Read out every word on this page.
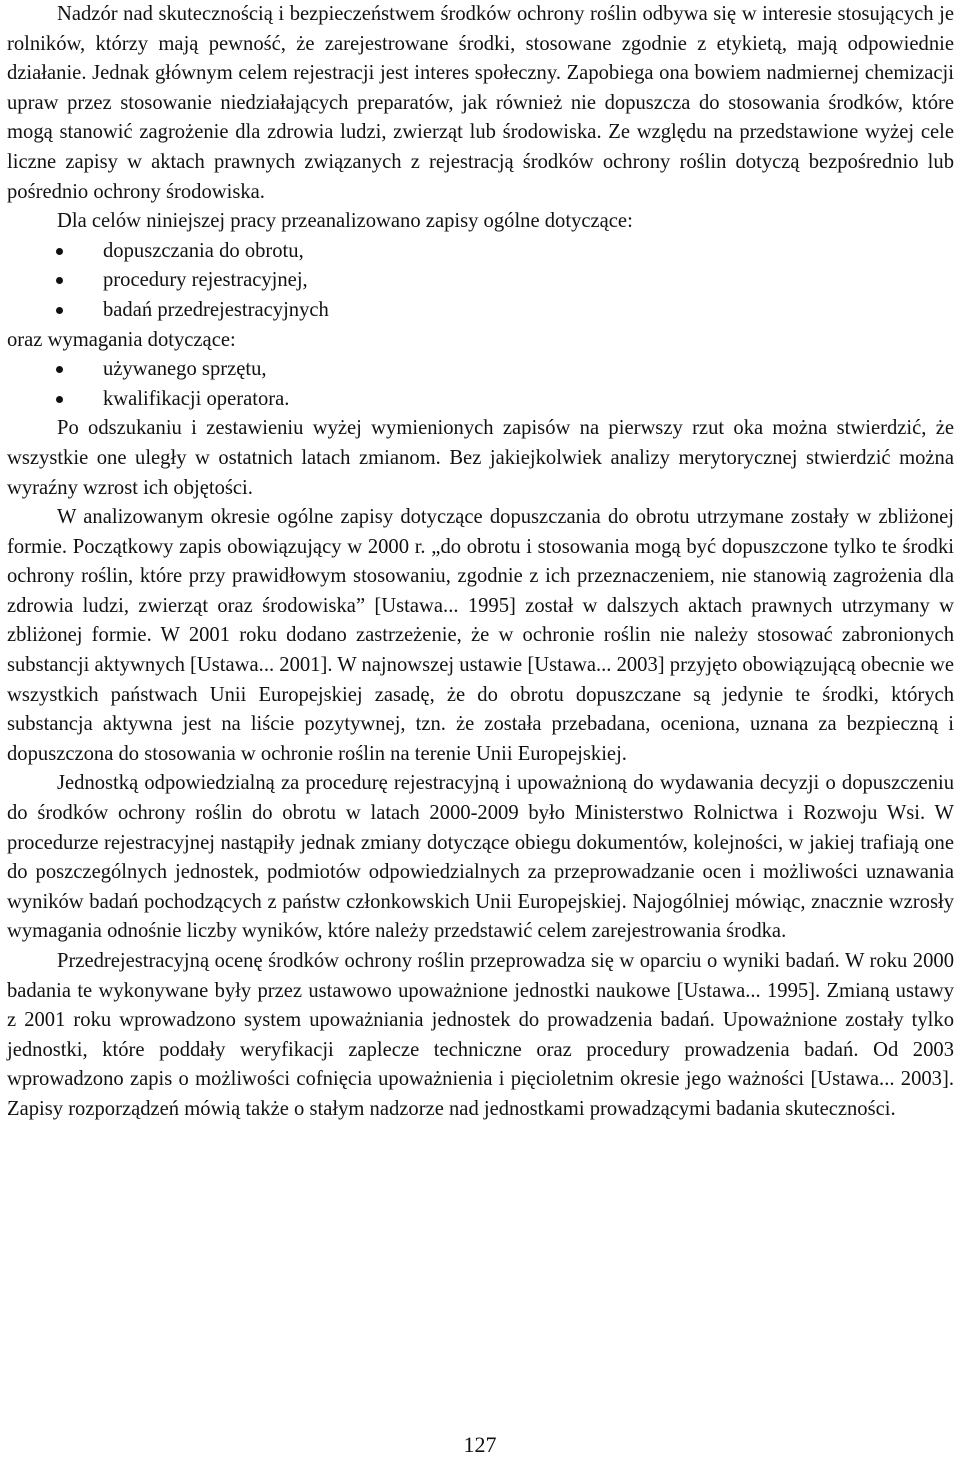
Nadzór nad skutecznością i bezpieczeństwem środków ochrony roślin odbywa się w interesie stosujących je rolników, którzy mają pewność, że zarejestrowane środki, stosowane zgodnie z etykietą, mają odpowiednie działanie. Jednak głównym celem rejestracji jest interes społeczny. Zapobiega ona bowiem nadmiernej chemizacji upraw przez stosowanie niedziałających preparatów, jak również nie dopuszcza do stosowania środków, które mogą stanowić zagrożenie dla zdrowia ludzi, zwierząt lub środowiska. Ze względu na przedstawione wyżej cele liczne zapisy w aktach prawnych związanych z rejestracją środków ochrony roślin dotyczą bezpośrednio lub pośrednio ochrony środowiska.

Dla celów niniejszej pracy przeanalizowano zapisy ogólne dotyczące:

dopuszczania do obrotu,
procedury rejestracyjnej,
badań przedrejestracyjnych

oraz wymagania dotyczące:

używanego sprzętu,
kwalifikacji operatora.

Po odszukaniu i zestawieniu wyżej wymienionych zapisów na pierwszy rzut oka można stwierdzić, że wszystkie one uległy w ostatnich latach zmianom. Bez jakiejkolwiek analizy merytorycznej stwierdzić można wyraźny wzrost ich objętości.

W analizowanym okresie ogólne zapisy dotyczące dopuszczania do obrotu utrzymane zostały w zbliżonej formie. Początkowy zapis obowiązujący w 2000 r. „do obrotu i stosowania mogą być dopuszczone tylko te środki ochrony roślin, które przy prawidłowym stosowaniu, zgodnie z ich przeznaczeniem, nie stanowią zagrożenia dla zdrowia ludzi, zwierząt oraz środowiska” [Ustawa... 1995] został w dalszych aktach prawnych utrzymany w zbliżonej formie. W 2001 roku dodano zastrzeżenie, że w ochronie roślin nie należy stosować zabronionych substancji aktywnych [Ustawa... 2001]. W najnowszej ustawie [Ustawa... 2003] przyjęto obowiązującą obecnie we wszystkich państwach Unii Europejskiej zasadę, że do obrotu dopuszczane są jedynie te środki, których substancja aktywna jest na liście pozytywnej, tzn. że została przebadana, oceniona, uznana za bezpieczną i dopuszczona do stosowania w ochronie roślin na terenie Unii Europejskiej.

Jednostką odpowiedzialną za procedurę rejestracyjną i upoważnioną do wydawania decyzji o dopuszczeniu do środków ochrony roślin do obrotu w latach 2000-2009 było Ministerstwo Rolnictwa i Rozwoju Wsi. W procedurze rejestracyjnej nastąpiły jednak zmiany dotyczące obiegu dokumentów, kolejności, w jakiej trafiają one do poszczególnych jednostek, podmiotów odpowiedzialnych za przeprowadzanie ocen i możliwości uznawania wyników badań pochodzących z państw członkowskich Unii Europejskiej. Najogólniej mówiąc, znacznie wzrosły wymagania odnośnie liczby wyników, które należy przedstawić celem zarejestrowania środka.

Przedrejestracyjną ocenę środków ochrony roślin przeprowadza się w oparciu o wyniki badań. W roku 2000 badania te wykonywane były przez ustawowo upoważnione jednostki naukowe [Ustawa... 1995]. Zmianą ustawy z 2001 roku wprowadzono system upoważniania jednostek do prowadzenia badań. Upoważnione zostały tylko jednostki, które poddały weryfikacji zaplecze techniczne oraz procedury prowadzenia badań. Od 2003 wprowadzono zapis o możliwości cofnięcia upoważnienia i pięcioletnim okresie jego ważności [Ustawa... 2003]. Zapisy rozporządzeń mówią także o stałym nadzorze nad jednostkami prowadzącymi badania skuteczności.

127
